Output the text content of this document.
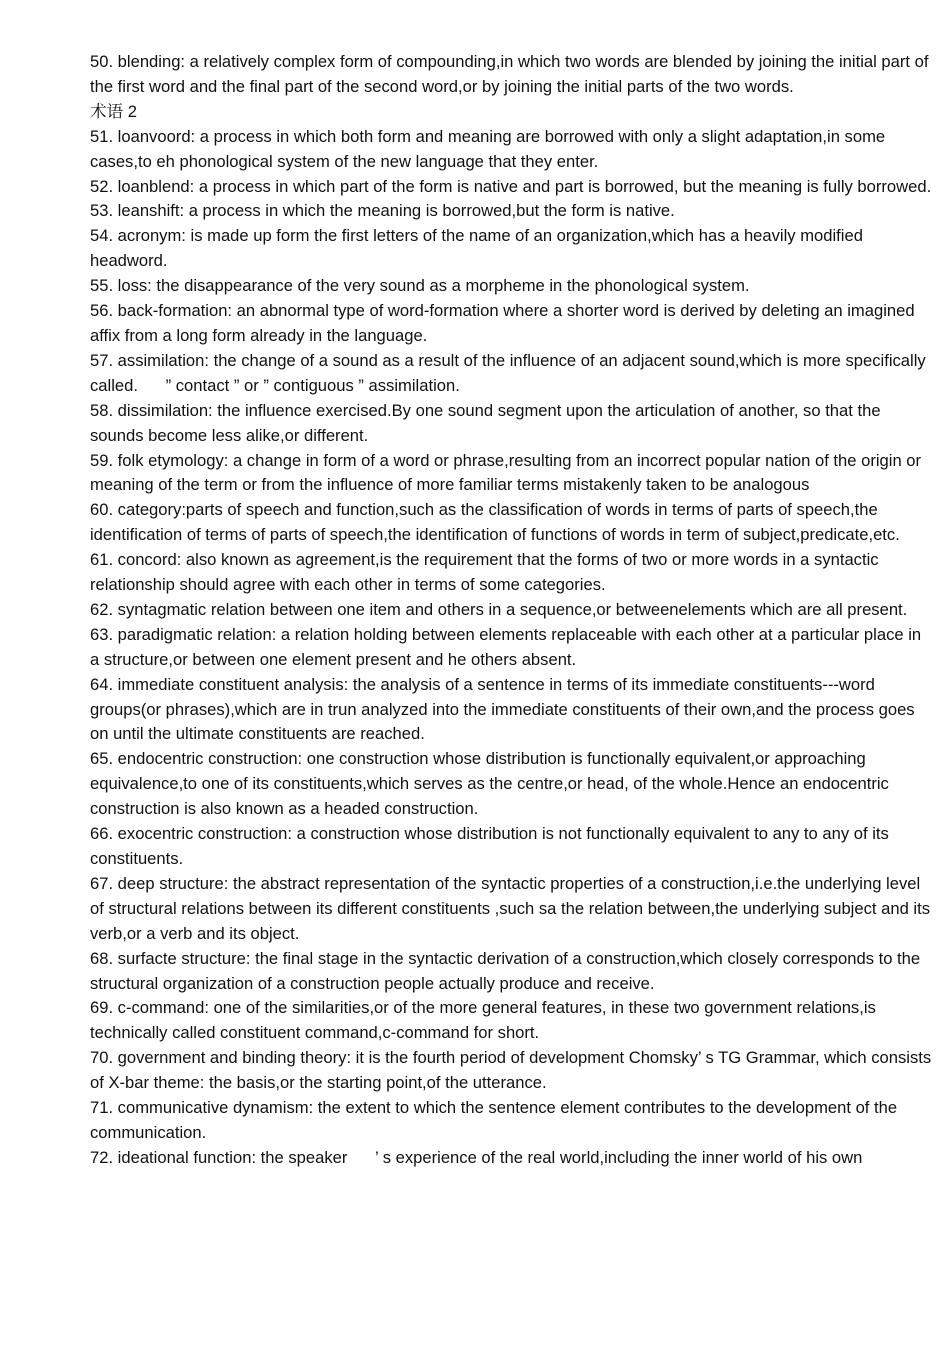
50. blending: a relatively complex form of compounding,in which two words are blended by joining the initial part of the first word and the final part of the second word,or by joining the initial parts of the two words.

术语 2

51. loanvoord: a process in which both form and meaning are borrowed with only a slight adaptation,in some cases,to eh phonological system of the new language that they enter.

52. loanblend: a process in which part of the form is native and part is borrowed, but the meaning is fully borrowed.

53. leanshift: a process in which the meaning is borrowed,but the form is native.

54. acronym: is made up form the first letters of the name of an organization,which has a heavily modified headword.

55. loss: the disappearance of the very sound as a morpheme in the phonological system.

56. back-formation: an abnormal type of word-formation where a shorter word is derived by deleting an imagined affix from a long form already in the language.

57. assimilation: the change of a sound as a result of the influence of an adjacent sound,which is more specifically called.      ” contact ” or ” contiguous ” assimilation.

58. dissimilation: the influence exercised.By one sound segment upon the articulation of another, so that the sounds become less alike,or different.

59. folk etymology: a change in form of a word or phrase,resulting from an incorrect popular nation of the origin or meaning of the term or from the influence of more familiar terms mistakenly taken to be analogous

60. category:parts of speech and function,such as the classification of words in terms of parts of speech,the identification of terms of parts of speech,the identification of functions of words in term of subject,predicate,etc.

61. concord: also known as agreement,is the requirement that the forms of two or more words in a syntactic relationship should agree with each other in terms of some categories.

62. syntagmatic relation between one item and others in a sequence,or betweenelements which are all present.

63. paradigmatic relation: a relation holding between elements replaceable with each other at a particular place in a structure,or between one element present and he others absent.

64. immediate constituent analysis: the analysis of a sentence in terms of its immediate constituents---word groups(or phrases),which are in trun analyzed into the immediate constituents of their own,and the process goes on until the ultimate constituents are reached.

65. endocentric construction: one construction whose distribution is functionally equivalent,or approaching equivalence,to one of its constituents,which serves as the centre,or head, of the whole.Hence an endocentric construction is also known as a headed construction.

66. exocentric construction: a construction whose distribution is not functionally equivalent to any to any of its constituents.

67. deep structure: the abstract representation of the syntactic properties of a construction,i.e.the underlying level of structural relations between its different constituents ,such sa the relation between,the underlying subject and its verb,or a verb and its object.

68. surfacte structure: the final stage in the syntactic derivation of a construction,which closely corresponds to the structural organization of a construction people actually produce and receive.

69. c-command: one of the similarities,or of the more general features, in these two government relations,is technically called constituent command,c-command for short.

70. government and binding theory: it is the fourth period of development Chomsky’ s TG Grammar, which consists of X-bar theme: the basis,or the starting point,of the utterance.

71. communicative dynamism: the extent to which the sentence element contributes to the development of the communication.

72. ideational function: the speaker      ’ s experience of the real world,including the inner world of his own
